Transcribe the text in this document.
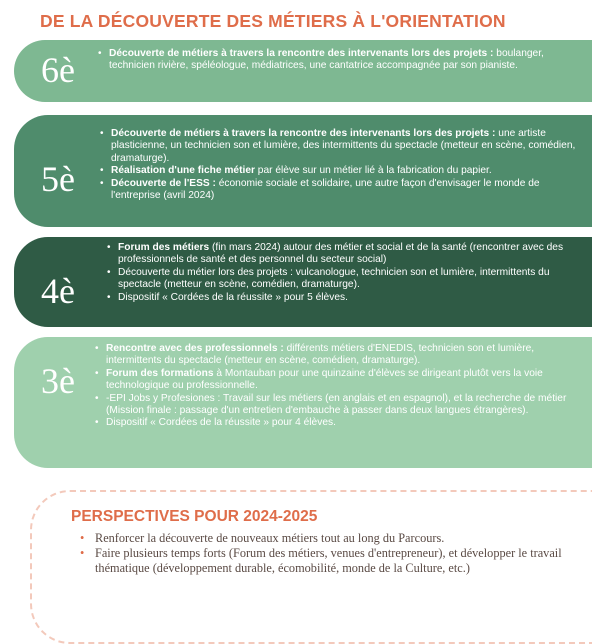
DE LA DÉCOUVERTE DES MÉTIERS À L'ORIENTATION
6è
•	Découverte de métiers à travers la rencontre des intervenants lors des projets : boulanger, technicien rivière, spéléologue, médiatrices, une cantatrice accompagnée par son pianiste.
5è
• Découverte de métiers à travers la rencontre des intervenants lors des projets : une artiste plasticienne, un technicien son et lumière, des intermittents du spectacle (metteur en scène, comédien, dramaturge).
• Réalisation d'une fiche métier par élève sur un métier lié à la fabrication du papier.
• Découverte de l'ESS : économie sociale et solidaire, une autre façon d'envisager le monde de l'entreprise (avril 2024)
4è
• Forum des métiers (fin mars 2024) autour des métier et social et de la santé (rencontrer avec des professionnels de santé et des personnel du secteur social)
• Découverte du métier lors des projets : vulcanologue, technicien son et lumière, intermittents du spectacle (metteur en scène, comédien, dramaturge).
• Dispositif « Cordées de la réussite » pour 5 élèves.
3è
• Rencontre avec des professionnels : différents métiers d'ENEDIS, technicien son et lumière, intermittents du spectacle (metteur en scène, comédien, dramaturge).
• Forum des formations à Montauban pour une quinzaine d'élèves se dirigeant plutôt vers la voie technologique ou professionnelle.
• -EPI Jobs y Profesiones : Travail sur les métiers (en anglais et en espagnol), et la recherche de métier (Mission finale : passage d'un entretien d'embauche à passer dans deux langues étrangères).
• Dispositif « Cordées de la réussite » pour 4 élèves.
PERSPECTIVES POUR 2024-2025
• Renforcer la découverte de nouveaux métiers tout au long du Parcours.
• Faire plusieurs temps forts (Forum des métiers, venues d'entrepreneur), et développer le travail thématique (développement durable, écomobilité, monde de la Culture, etc.)
